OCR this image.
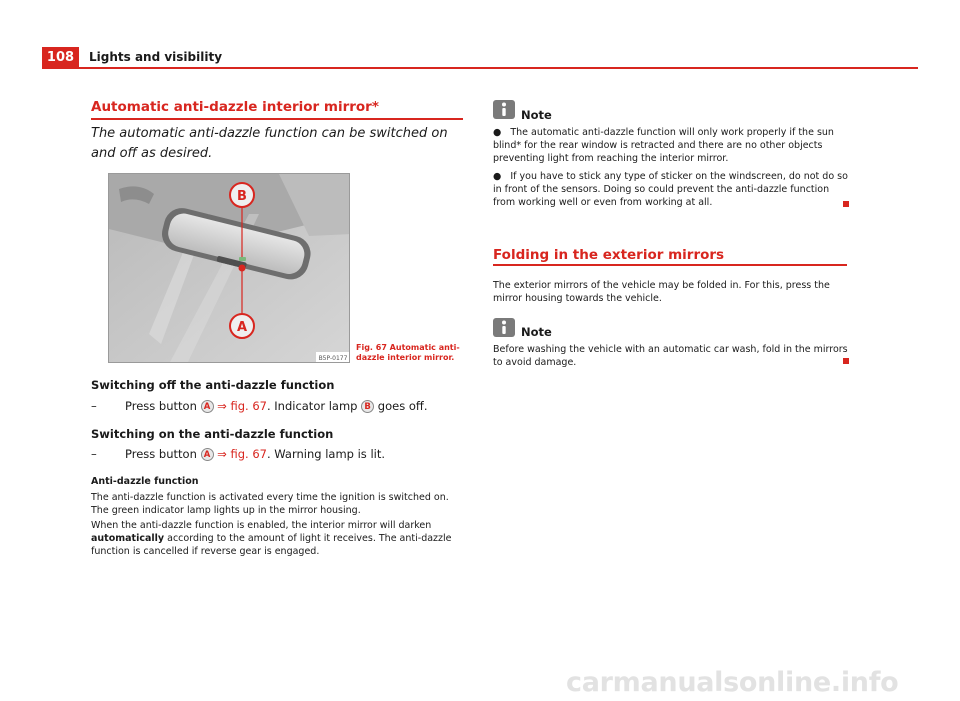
108	Lights and visibility
Automatic anti-dazzle interior mirror*
The automatic anti-dazzle function can be switched on and off as desired.
B
A
B5P-0177
Fig. 67 Automatic anti-dazzle interior mirror.
Switching off the anti-dazzle function
– Press button A ⇒ fig. 67. Indicator lamp B goes off.
Switching on the anti-dazzle function
– Press button A ⇒ fig. 67. Warning lamp is lit.
Anti-dazzle function
The anti-dazzle function is activated every time the ignition is switched on. The green indicator lamp lights up in the mirror housing.
When the anti-dazzle function is enabled, the interior mirror will darken automatically according to the amount of light it receives. The anti-dazzle function is cancelled if reverse gear is engaged.
Note
● The automatic anti-dazzle function will only work properly if the sun blind* for the rear window is retracted and there are no other objects preventing light from reaching the interior mirror.
● If you have to stick any type of sticker on the windscreen, do not do so in front of the sensors. Doing so could prevent the anti-dazzle function from working well or even from working at all.
Folding in the exterior mirrors
The exterior mirrors of the vehicle may be folded in. For this, press the mirror housing towards the vehicle.
Note
Before washing the vehicle with an automatic car wash, fold in the mirrors to avoid damage.
carmanualsonline.info
